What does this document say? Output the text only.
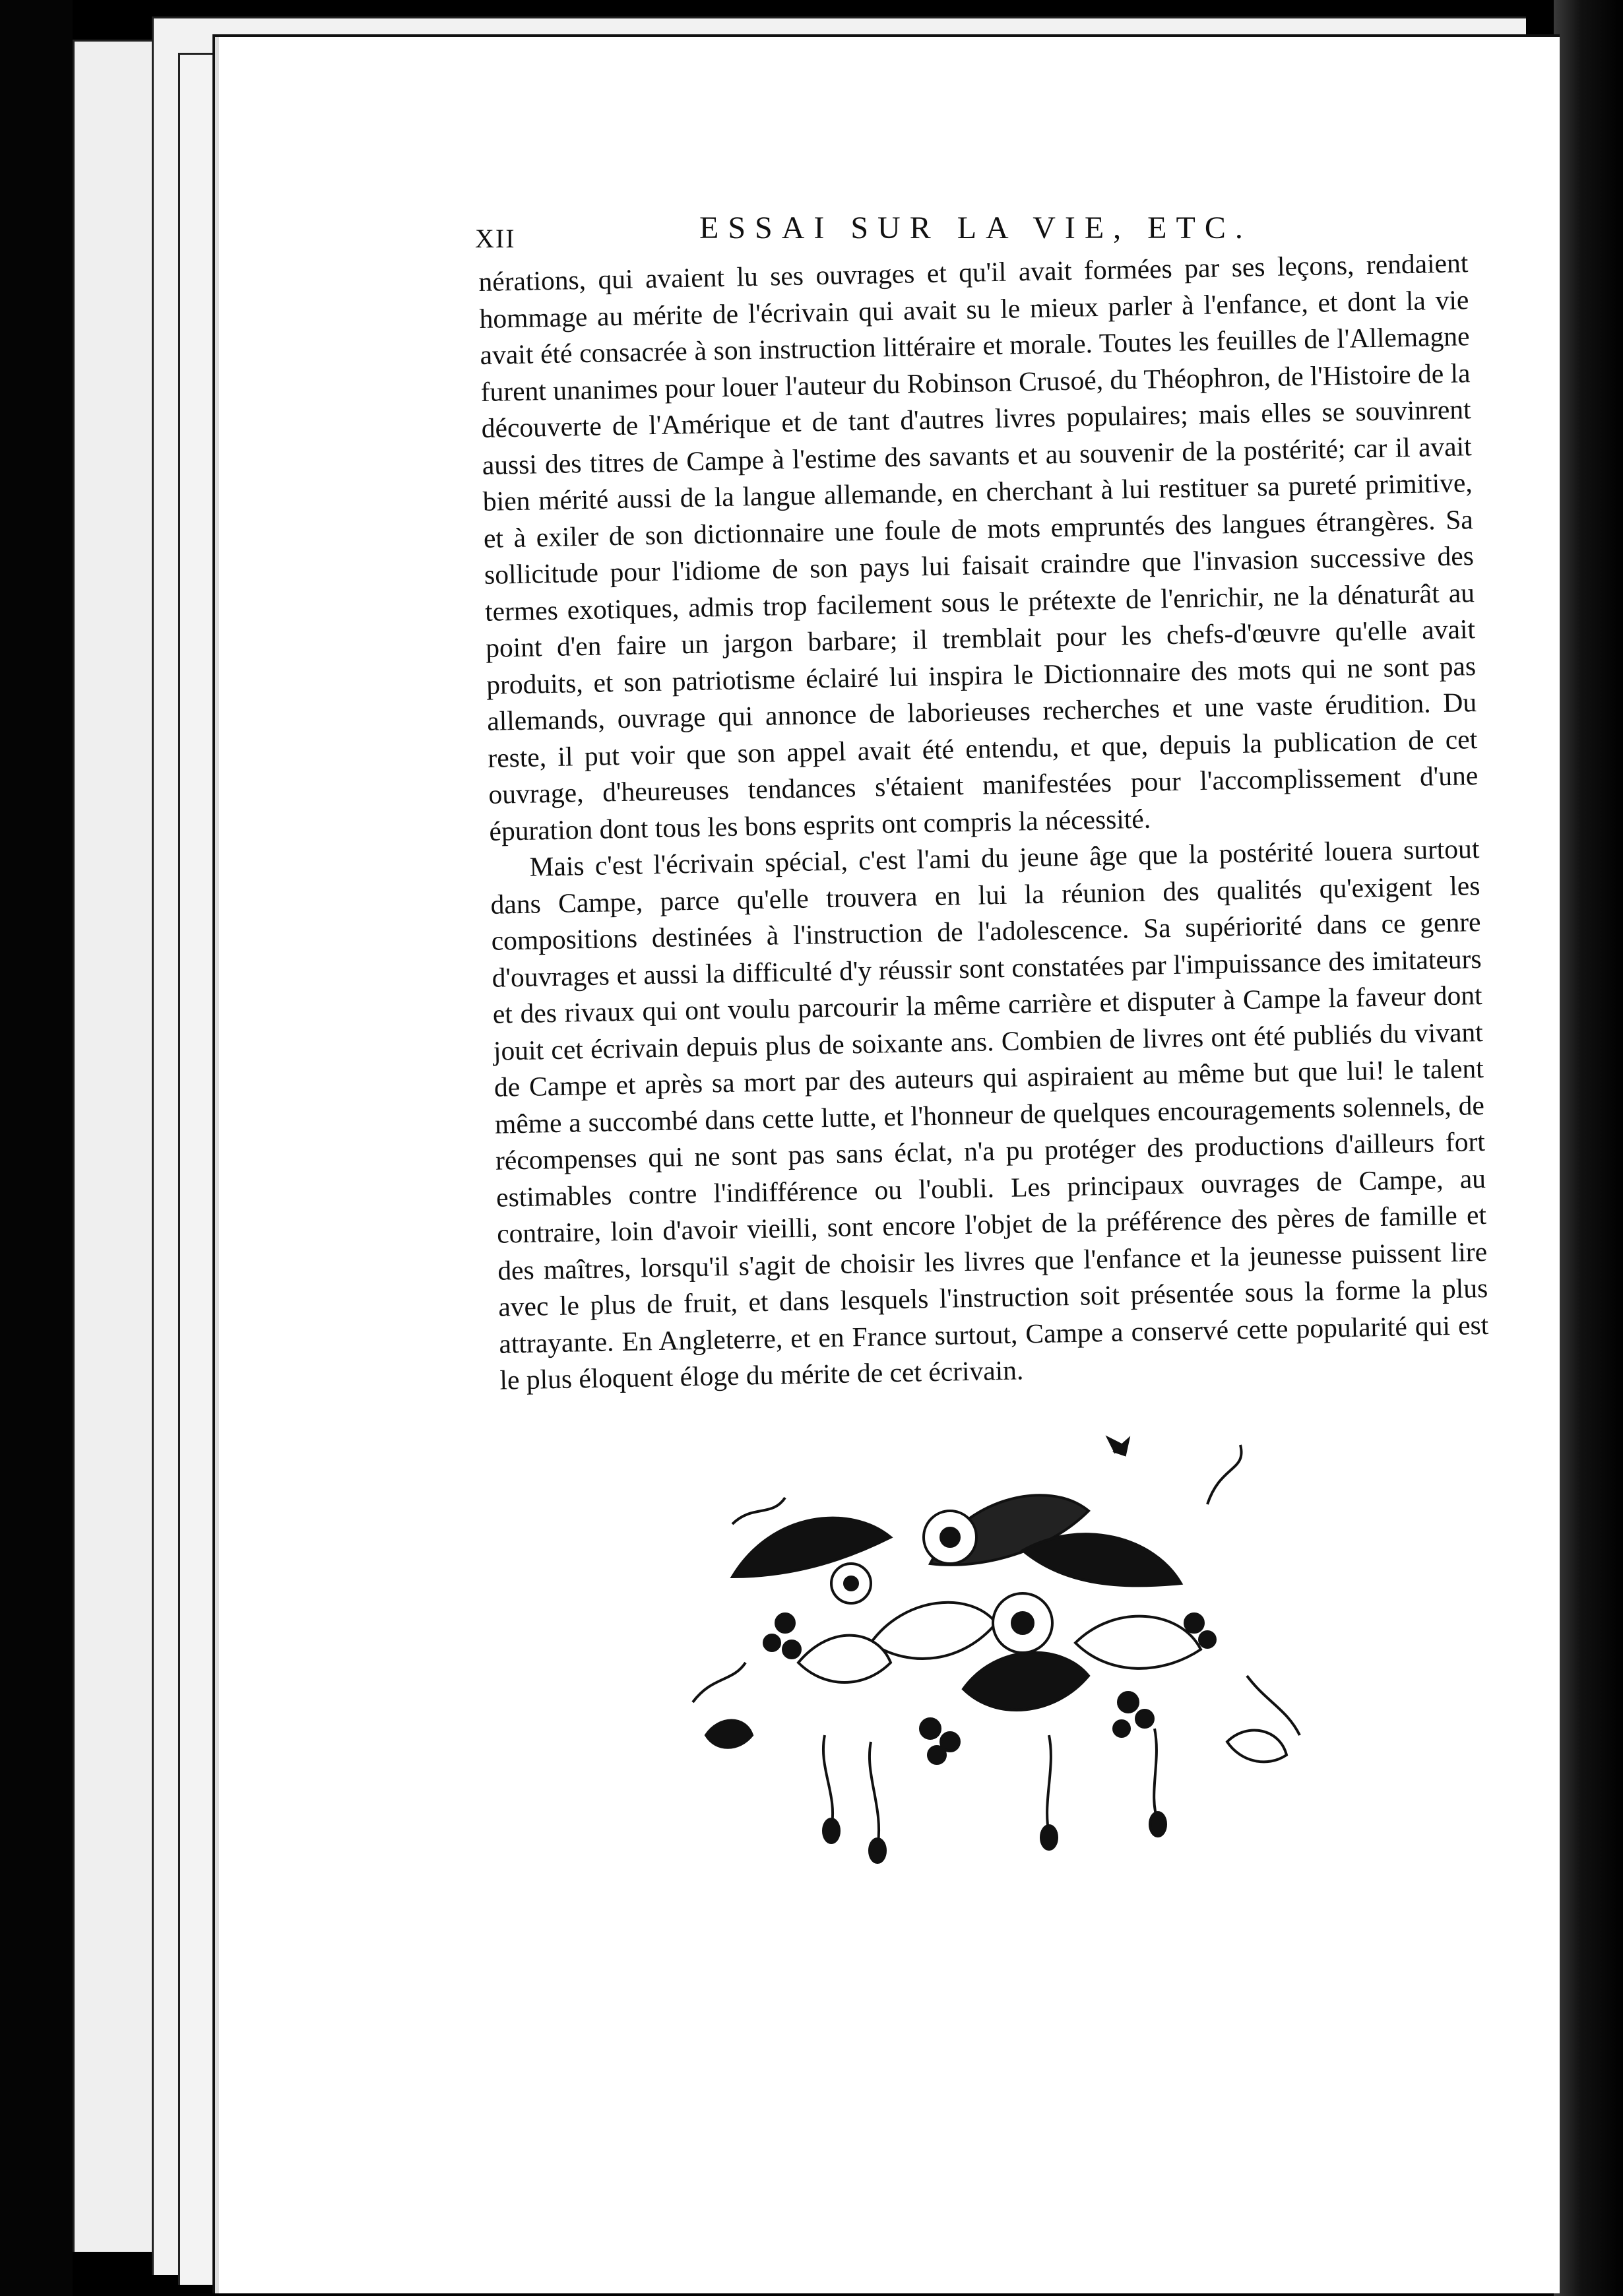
XII	ESSAI SUR LA VIE, ETC.

nérations, qui avaient lu ses ouvrages et qu'il avait formées par ses leçons, rendaient hommage au mérite de l'écrivain qui avait su le mieux parler à l'enfance, et dont la vie avait été consacrée à son instruction littéraire et morale. Toutes les feuilles de l'Allemagne furent unanimes pour louer l'auteur du Robinson Crusoé, du Théophron, de l'Histoire de la découverte de l'Amérique et de tant d'autres livres populaires; mais elles se souvinrent aussi des titres de Campe à l'estime des savants et au souvenir de la postérité; car il avait bien mérité aussi de la langue allemande, en cherchant à lui restituer sa pureté primitive, et à exiler de son dictionnaire une foule de mots empruntés des langues étrangères. Sa sollicitude pour l'idiome de son pays lui faisait craindre que l'invasion successive des termes exotiques, admis trop facilement sous le prétexte de l'enrichir, ne la dénaturât au point d'en faire un jargon barbare; il tremblait pour les chefs-d'œuvre qu'elle avait produits, et son patriotisme éclairé lui inspira le Dictionnaire des mots qui ne sont pas allemands, ouvrage qui annonce de laborieuses recherches et une vaste érudition. Du reste, il put voir que son appel avait été entendu, et que, depuis la publication de cet ouvrage, d'heureuses tendances s'étaient manifestées pour l'accomplissement d'une épuration dont tous les bons esprits ont compris la nécessité.

Mais c'est l'écrivain spécial, c'est l'ami du jeune âge que la postérité louera surtout dans Campe, parce qu'elle trouvera en lui la réunion des qualités qu'exigent les compositions destinées à l'instruction de l'adolescence. Sa supériorité dans ce genre d'ouvrages et aussi la difficulté d'y réussir sont constatées par l'impuissance des imitateurs et des rivaux qui ont voulu parcourir la même carrière et disputer à Campe la faveur dont jouit cet écrivain depuis plus de soixante ans. Combien de livres ont été publiés du vivant de Campe et après sa mort par des auteurs qui aspiraient au même but que lui! le talent même a succombé dans cette lutte, et l'honneur de quelques encouragements solennels, de récompenses qui ne sont pas sans éclat, n'a pu protéger des productions d'ailleurs fort estimables contre l'indifférence ou l'oubli. Les principaux ouvrages de Campe, au contraire, loin d'avoir vieilli, sont encore l'objet de la préférence des pères de famille et des maîtres, lorsqu'il s'agit de choisir les livres que l'enfance et la jeunesse puissent lire avec le plus de fruit, et dans lesquels l'instruction soit présentée sous la forme la plus attrayante. En Angleterre, et en France surtout, Campe a conservé cette popularité qui est le plus éloquent éloge du mérite de cet écrivain.
